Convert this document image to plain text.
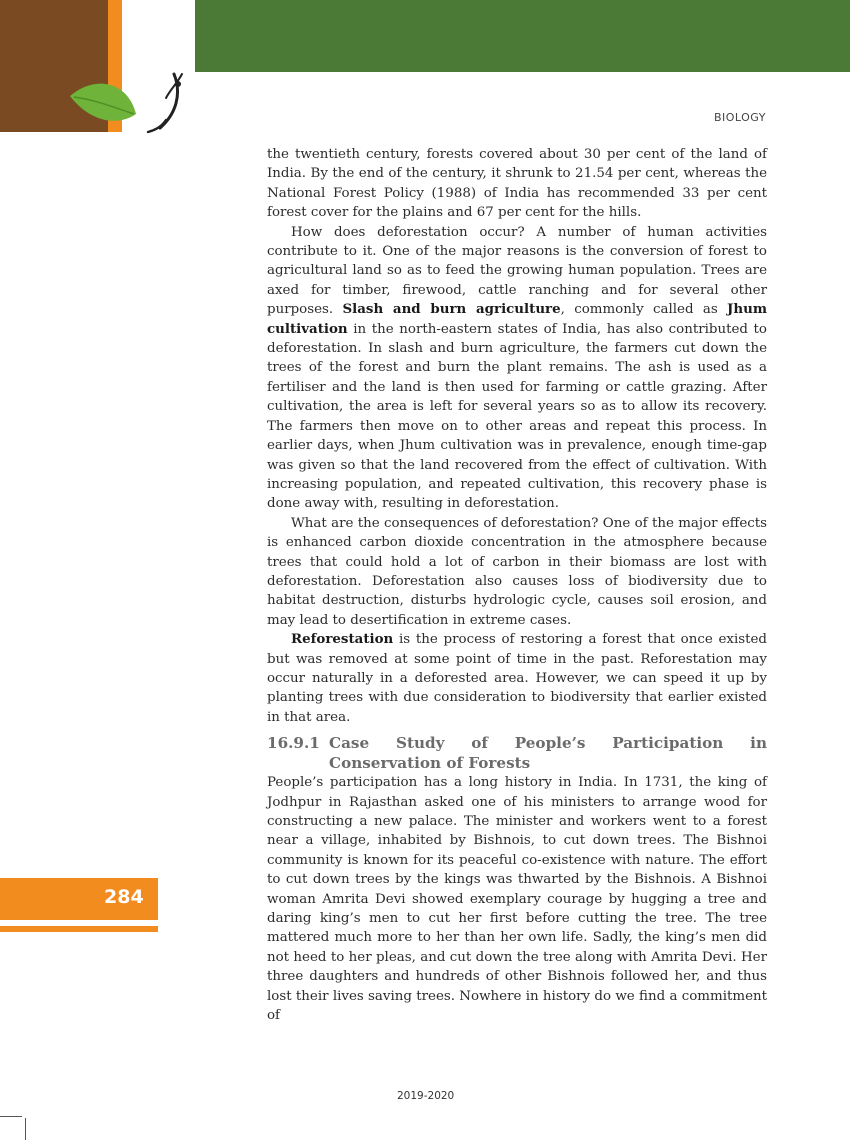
BIOLOGY

the twentieth century, forests covered about 30 per cent of the land of India. By the end of the century, it shrunk to 21.54 per cent, whereas the National Forest Policy (1988) of India has recommended 33 per cent forest cover for the plains and 67 per cent for the hills.

How does deforestation occur? A number of human activities contribute to it. One of the major reasons is the conversion of forest to agricultural land so as to feed the growing human population. Trees are axed for timber, firewood, cattle ranching and for several other purposes. Slash and burn agriculture, commonly called as Jhum cultivation in the north-eastern states of India, has also contributed to deforestation. In slash and burn agriculture, the farmers cut down the trees of the forest and burn the plant remains. The ash is used as a fertiliser and the land is then used for farming or cattle grazing. After cultivation, the area is left for several years so as to allow its recovery. The farmers then move on to other areas and repeat this process. In earlier days, when Jhum cultivation was in prevalence, enough time-gap was given so that the land recovered from the effect of cultivation. With increasing population, and repeated cultivation, this recovery phase is done away with, resulting in deforestation.

What are the consequences of deforestation? One of the major effects is enhanced carbon dioxide concentration in the atmosphere because trees that could hold a lot of carbon in their biomass are lost with deforestation. Deforestation also causes loss of biodiversity due to habitat destruction, disturbs hydrologic cycle, causes soil erosion, and may lead to desertification in extreme cases.

Reforestation is the process of restoring a forest that once existed but was removed at some point of time in the past. Reforestation may occur naturally in a deforested area. However, we can speed it up by planting trees with due consideration to biodiversity that earlier existed in that area.

16.9.1 Case Study of People’s Participation in Conservation of Forests

People’s participation has a long history in India. In 1731, the king of Jodhpur in Rajasthan asked one of his ministers to arrange wood for constructing a new palace. The minister and workers went to a forest near a village, inhabited by Bishnois, to cut down trees. The Bishnoi community is known for its peaceful co-existence with nature. The effort to cut down trees by the kings was thwarted by the Bishnois. A Bishnoi woman Amrita Devi showed exemplary courage by hugging a tree and daring king’s men to cut her first before cutting the tree. The tree mattered much more to her than her own life. Sadly, the king’s men did not heed to her pleas, and cut down the tree along with Amrita Devi. Her three daughters and hundreds of other Bishnois followed her, and thus lost their lives saving trees. Nowhere in history do we find a commitment of

284
2019-2020
